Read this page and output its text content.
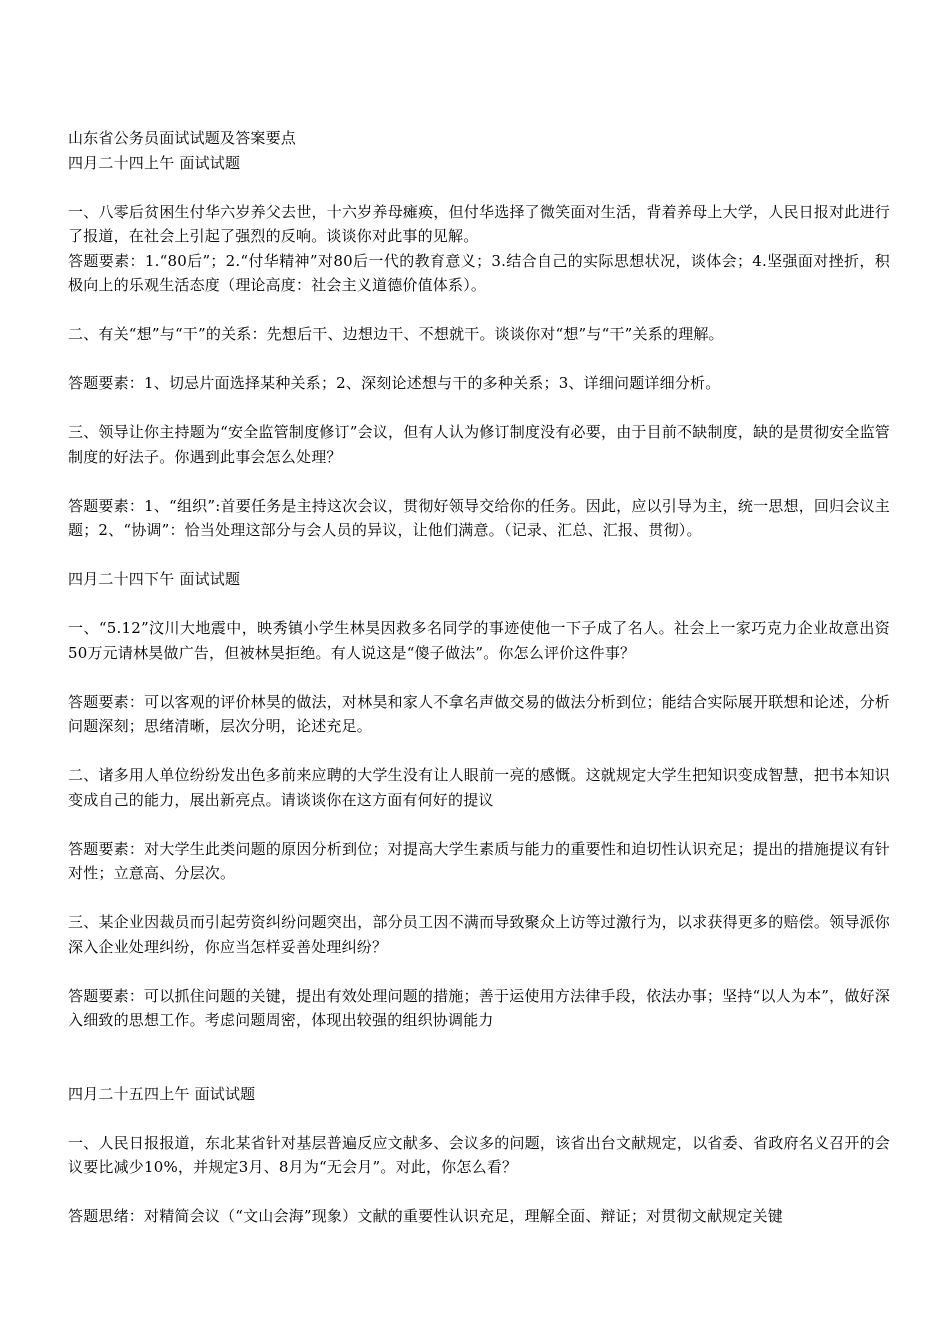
山东省公务员面试试题及答案要点

四月二十四上午 面试试题

一、八零后贫困生付华六岁养父去世，十六岁养母瘫痪，但付华选择了微笑面对生活，背着养母上大学，人民日报对此进行了报道，在社会上引起了强烈的反响。谈谈你对此事的见解。

答题要素：1.“80后”；2.“付华精神”对80后一代的教育意义；3.结合自己的实际思想状况，谈体会；4.坚强面对挫折，积极向上的乐观生活态度（理论高度：社会主义道德价值体系）。

二、有关“想”与“干”的关系：先想后干、边想边干、不想就干。谈谈你对“想”与“干”关系的理解。

答题要素：1、切忌片面选择某种关系；2、深刻论述想与干的多种关系；3、详细问题详细分析。

三、领导让你主持题为“安全监管制度修订”会议，但有人认为修订制度没有必要，由于目前不缺制度，缺的是贯彻安全监管制度的好法子。你遇到此事会怎么处理？

答题要素：1、“组织”:首要任务是主持这次会议，贯彻好领导交给你的任务。因此，应以引导为主，统一思想，回归会议主题；2、“协调”：恰当处理这部分与会人员的异议，让他们满意。（记录、汇总、汇报、贯彻）。

四月二十四下午 面试试题

一、“5.12”汶川大地震中，映秀镇小学生林昊因救多名同学的事迹使他一下子成了名人。社会上一家巧克力企业故意出资50万元请林昊做广告，但被林昊拒绝。有人说这是“傻子做法”。你怎么评价这件事？

答题要素：可以客观的评价林昊的做法，对林昊和家人不拿名声做交易的做法分析到位；能结合实际展开联想和论述，分析问题深刻；思绪清晰，层次分明，论述充足。

二、诸多用人单位纷纷发出色多前来应聘的大学生没有让人眼前一亮的感慨。这就规定大学生把知识变成智慧，把书本知识变成自己的能力，展出新亮点。请谈谈你在这方面有何好的提议

答题要素：对大学生此类问题的原因分析到位；对提高大学生素质与能力的重要性和迫切性认识充足；提出的措施提议有针对性；立意高、分层次。

三、某企业因裁员而引起劳资纠纷问题突出，部分员工因不满而导致聚众上访等过激行为，以求获得更多的赔偿。领导派你深入企业处理纠纷，你应当怎样妥善处理纠纷？

答题要素：可以抓住问题的关键，提出有效处理问题的措施；善于运使用方法律手段，依法办事；坚持“以人为本”，做好深入细致的思想工作。考虑问题周密，体现出较强的组织协调能力

四月二十五四上午 面试试题

一、人民日报报道，东北某省针对基层普遍反应文献多、会议多的问题，该省出台文献规定，以省委、省政府名义召开的会议要比减少10%，并规定3月、8月为“无会月”。对此，你怎么看？

答题思绪：对精简会议（“文山会海”现象）文献的重要性认识充足，理解全面、辩证；对贯彻文献规定关键
